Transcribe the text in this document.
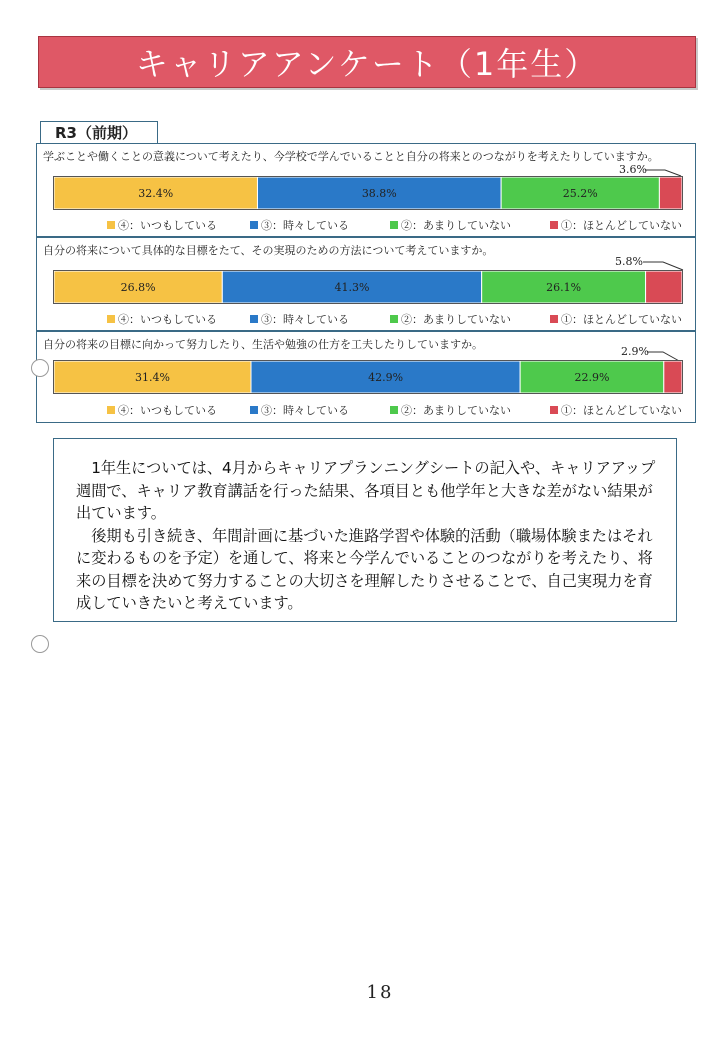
キャリアアンケート（1年生）
R3（前期）
学ぶことや働くことの意義について考えたり、今学校で学んでいることと自分の将来とのつながりを考えたりしていますか。
3.6%
32.4%	38.8%	25.2%
④：いつもしている	③：時々している	②：あまりしていない	①：ほとんどしていない
自分の将来について具体的な目標をたて、その実現のための方法について考えていますか。
5.8%
26.8%	41.3%	26.1%
④：いつもしている	③：時々している	②：あまりしていない	①：ほとんどしていない
自分の将来の目標に向かって努力したり、生活や勉強の仕方を工夫したりしていますか。
2.9%
31.4%	42.9%	22.9%
④：いつもしている	③：時々している	②：あまりしていない	①：ほとんどしていない

1年生については、4月からキャリアプランニングシートの記入や、キャリアアップ週間で、キャリア教育講話を行った結果、各項目とも他学年と大きな差がない結果が出ています。

後期も引き続き、年間計画に基づいた進路学習や体験的活動（職場体験またはそれに変わるものを予定）を通して、将来と今学んでいることのつながりを考えたり、将来の目標を決めて努力することの大切さを理解したりさせることで、自己実現力を育成していきたいと考えています。

18
